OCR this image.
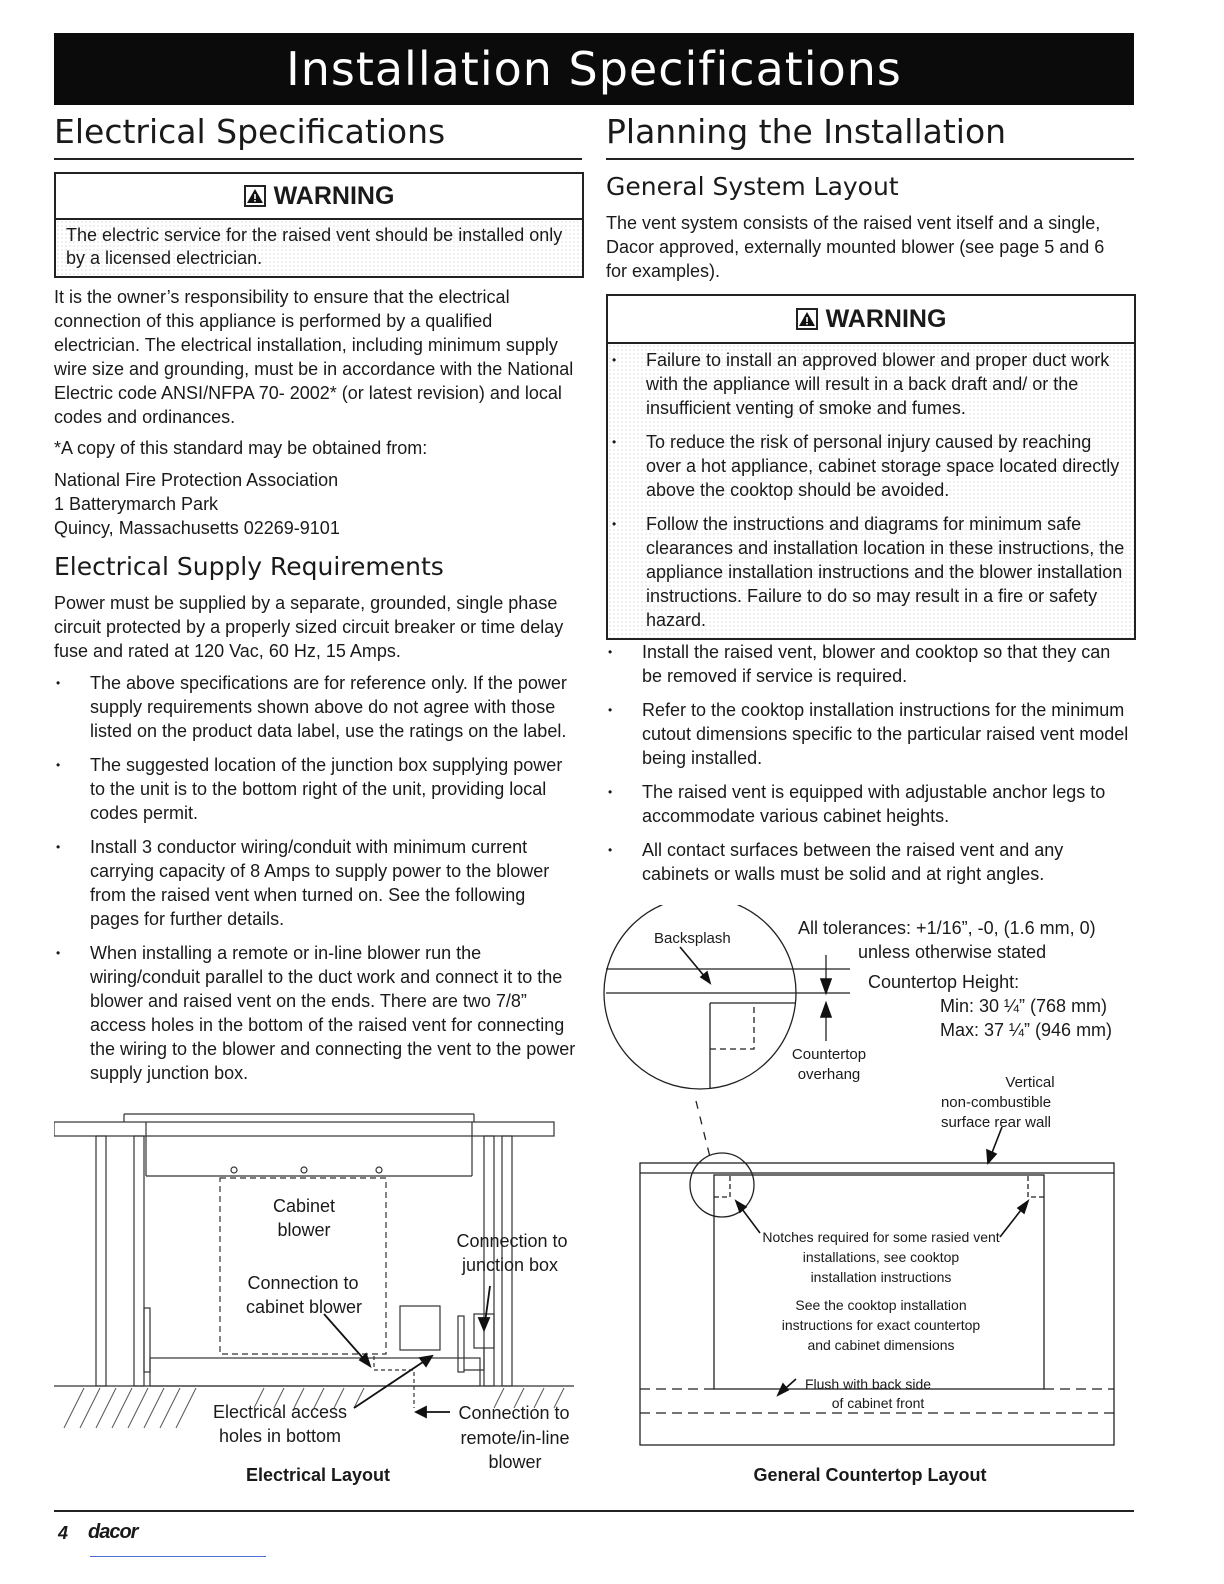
Installation Specifications
Electrical Specifications
WARNING
The electric service for the raised vent should be installed only by a licensed electrician.
It is the owner’s responsibility to ensure that the electrical connection of this appliance is performed by a qualified electrician. The electrical installation, including minimum supply wire size and grounding, must be in accordance with the National Electric code ANSI/NFPA 70- 2002* (or latest revision) and local codes and ordinances.
*A copy of this standard may be obtained from:
National Fire Protection Association
1 Batterymarch Park
Quincy, Massachusetts 02269-9101
Electrical Supply Requirements
Power must be supplied by a separate, grounded, single phase circuit protected by a properly sized circuit breaker or time delay fuse and rated at 120 Vac, 60 Hz, 15 Amps.
• The above specifications are for reference only. If the power supply requirements shown above do not agree with those listed on the product data label, use the ratings on the label.
• The suggested location of the junction box supplying power to the unit is to the bottom right of the unit, providing local codes permit.
• Install 3 conductor wiring/conduit with minimum current carrying capacity of 8 Amps to supply power to the blower from the raised vent when turned on. See the following pages for further details.
• When installing a remote or in-line blower run the wiring/conduit parallel to the duct work and connect it to the blower and raised vent on the ends. There are two 7/8” access holes in the bottom of the raised vent for connecting the wiring to the blower and connecting the vent to the power supply junction box.
Cabinet
blower
Connection to
cabinet blower
Connection to
junction box
Electrical access
holes in bottom
Connection to
remote/in-line
blower
Electrical Layout
Planning the Installation
General System Layout
The vent system consists of the raised vent itself and a single, Dacor approved, externally mounted blower (see page 5 and 6 for examples).
WARNING
• Failure to install an approved blower and proper duct work with the appliance will result in a back draft and/ or the insufficient venting of smoke and fumes.
• To reduce the risk of personal injury caused by reaching over a hot appliance, cabinet storage space located directly above the cooktop should be avoided.
• Follow the instructions and diagrams for minimum safe clearances and installation location in these instructions, the appliance installation instructions and the blower installation instructions. Failure to do so may result in a fire or safety hazard.
• Install the raised vent, blower and cooktop so that they can be removed if service is required.
• Refer to the cooktop installation instructions for the minimum cutout dimensions specific to the particular raised vent model being installed.
• The raised vent is equipped with adjustable anchor legs to accommodate various cabinet heights.
• All contact surfaces between the raised vent and any cabinets or walls must be solid and at right angles.
Backsplash
All tolerances: +1/16”, -0, (1.6 mm, 0)
unless otherwise stated
Countertop Height:
Min: 30 ¼” (768 mm)
Max: 37 ¼” (946 mm)
Countertop
overhang	Vertical
non-combustible
surface rear wall
Notches required for some rasied vent
installations, see cooktop
installation instructions
See the cooktop installation
instructions for exact countertop
and cabinet dimensions
Flush with back side
of cabinet front
General Countertop Layout
4 dacor
